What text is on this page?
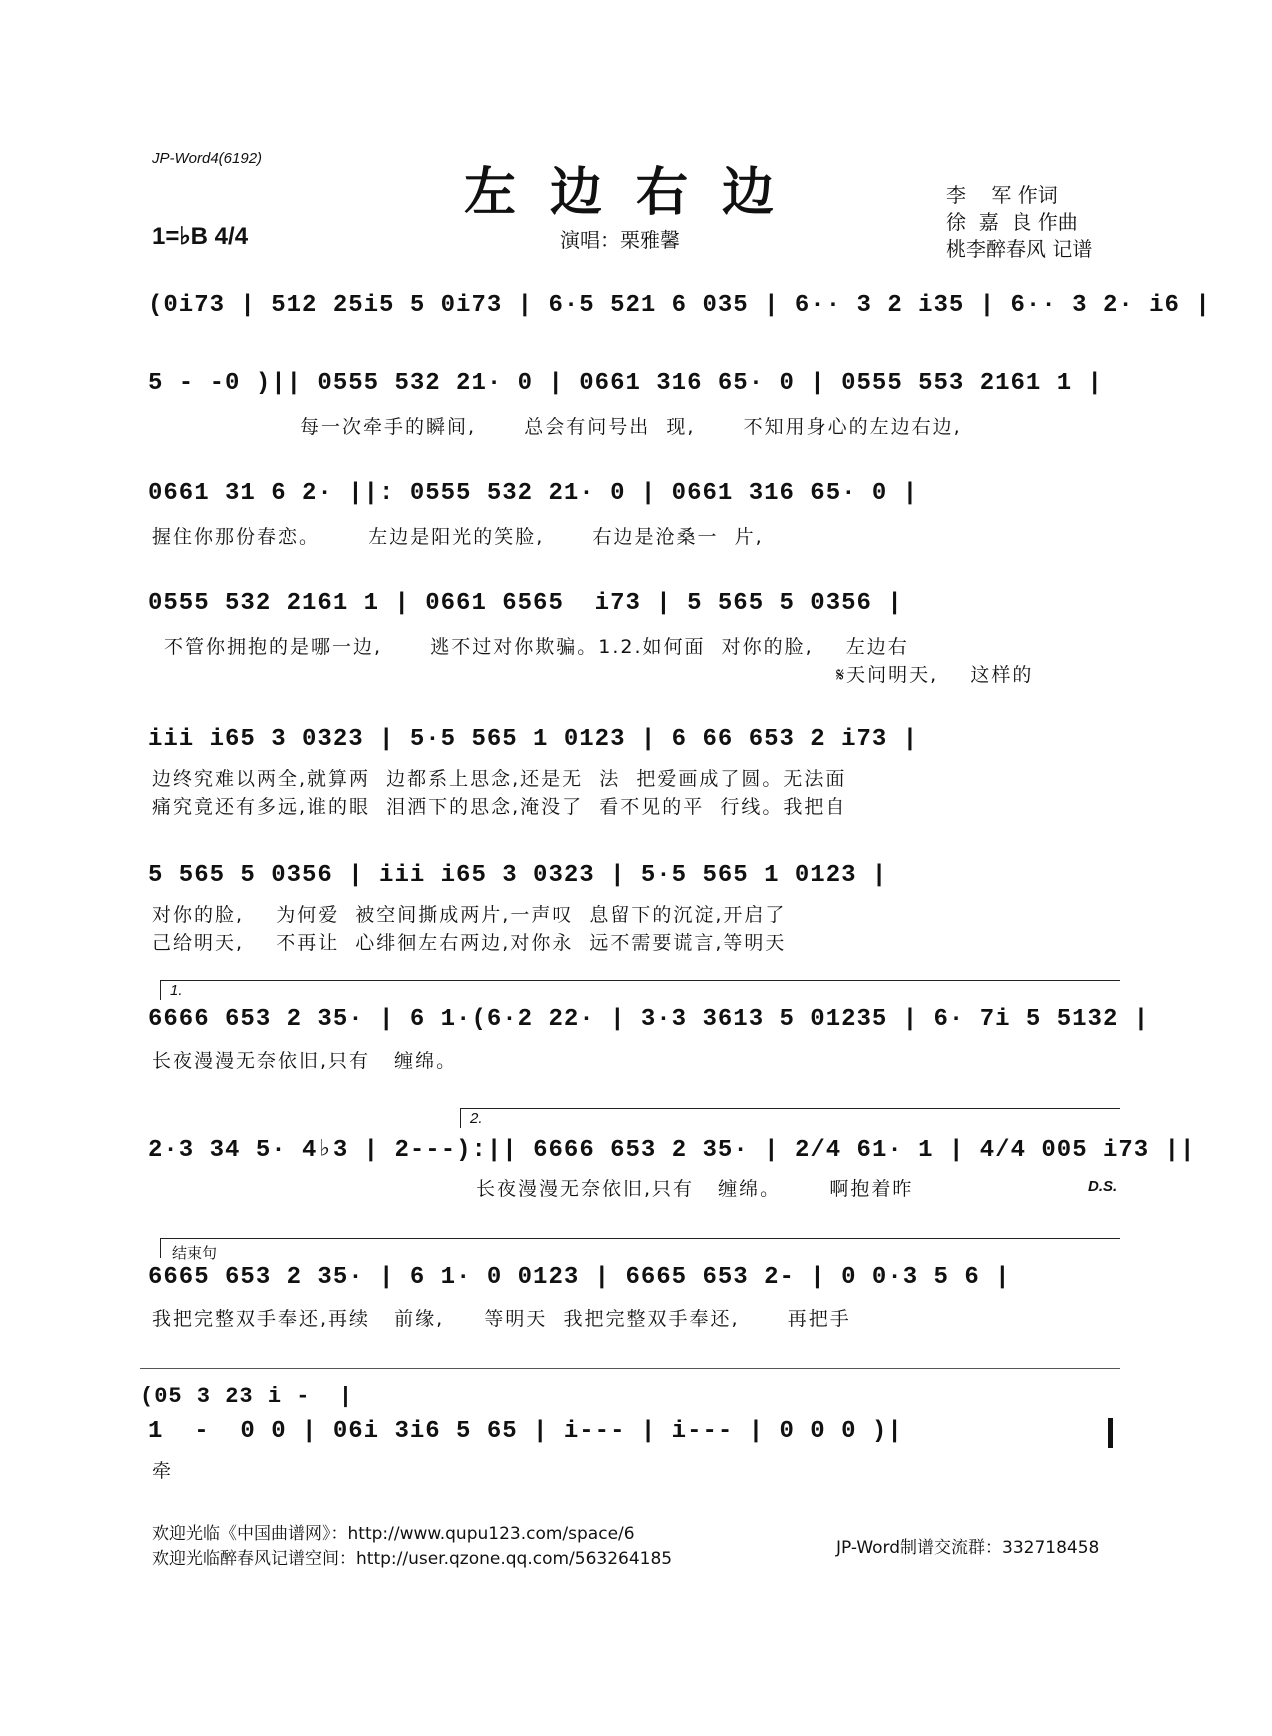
JP-Word4(6192)
左边右边
1=♭B 4/4	演唱：栗雅馨
李    军 作词
徐  嘉  良 作曲
桃李醉春风 记谱
(0i73 | 512 25i5 5 0i73 | 6·5 521 6 035 | 6·· 3 2 i35 | 6·· 3 2· i6 |
5 - -0 )|| 0555 532 21· 0 | 0661 316 65· 0 | 0555 553 2161 1 |
每一次牵手的瞬间,      总会有问号出  现,      不知用身心的左边右边,
0661 31 6 2· ||: 0555 532 21· 0 | 0661 316 65· 0 |
握住你那份春恋。      左边是阳光的笑脸,      右边是沧桑一  片,
0555 532 2161 1 | 0661 6565  i73 | 5 565 5 0356 |
不管你拥抱的是哪一边,      逃不过对你欺骗。1.2.如何面  对你的脸,    左边右
𝄋天问明天,    这样的
iii i65 3 0323 | 5·5 565 1 0123 | 6 66 653 2 i73 |
边终究难以两全,就算两  边都系上思念,还是无  法  把爱画成了圆。无法面
痛究竟还有多远,谁的眼  泪洒下的思念,淹没了  看不见的平  行线。我把自
5 565 5 0356 | iii i65 3 0323 | 5·5 565 1 0123 |
对你的脸,    为何爱  被空间撕成两片,一声叹  息留下的沉淀,开启了
己给明天,    不再让  心绯徊左右两边,对你永  远不需要谎言,等明天
1.
6666 653 2 35· | 6 1·(6·2 22· | 3·3 3613 5 01235 | 6· 7i 5 5132 |
长夜漫漫无奈依旧,只有   缠绵。
2.
2·3 34 5· 4♭3 | 2---):|| 6666 653 2 35· | 2/4 61· 1 | 4/4 005 i73 ||
长夜漫漫无奈依旧,只有   缠绵。      啊抱着昨	D.S.
结束句
6665 653 2 35· | 6 1· 0 0123 | 6665 653 2- | 0 0·3 5 6 |
我把完整双手奉还,再续   前缘,     等明天  我把完整双手奉还,      再把手
(05 3 23 i -  |
1  -  0 0 | 06i 3i6 5 65 | i--- | i--- | 0 0 0 )|
牵
欢迎光临《中国曲谱网》：http://www.qupu123.com/space/6
欢迎光临醉春风记谱空间：http://user.qzone.qq.com/563264185
JP-Word制谱交流群：332718458
